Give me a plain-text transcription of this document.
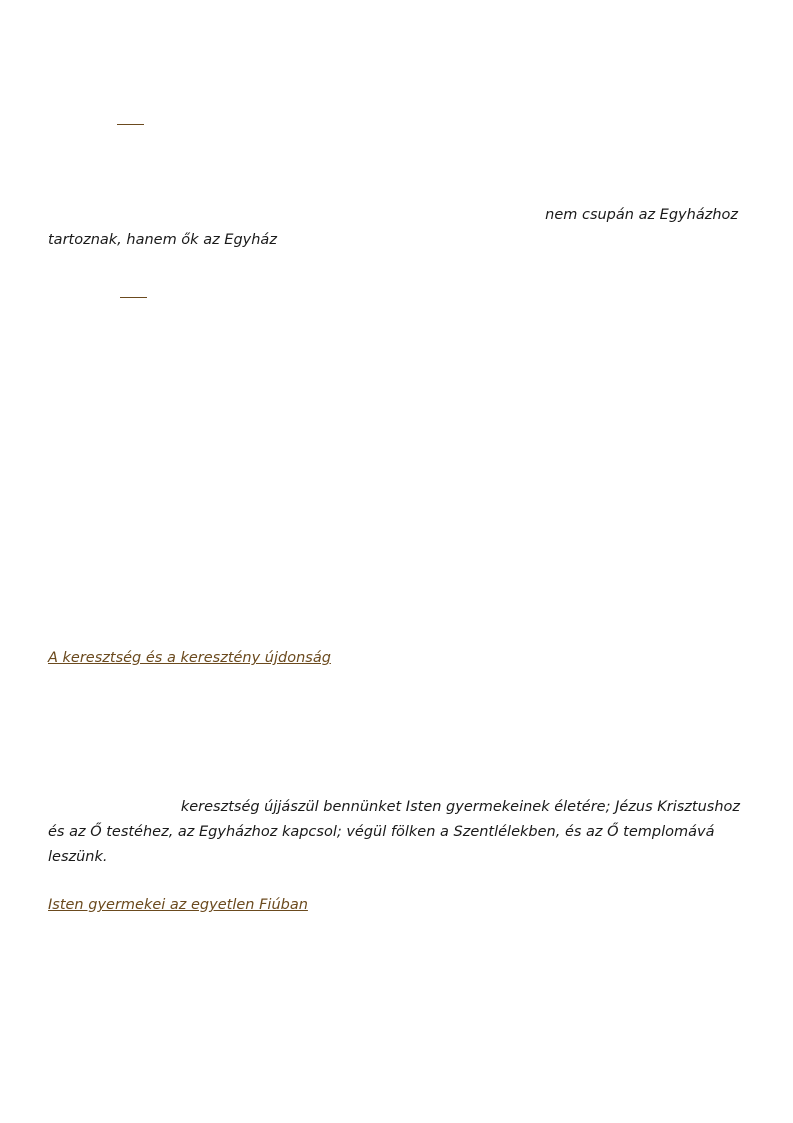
nem csupán az Egyházhoz
tartoznak, hanem ők az Egyház
A keresztség és a keresztény újdonság
keresztség újjászül bennünket Isten gyermekeinek életére; Jézus Krisztushoz
és az Ő testéhez, az Egyházhoz kapcsol; végül fölken a Szentlélekben, és az Ő templomává
leszünk.
Isten gyermekei az egyetlen Fiúban
